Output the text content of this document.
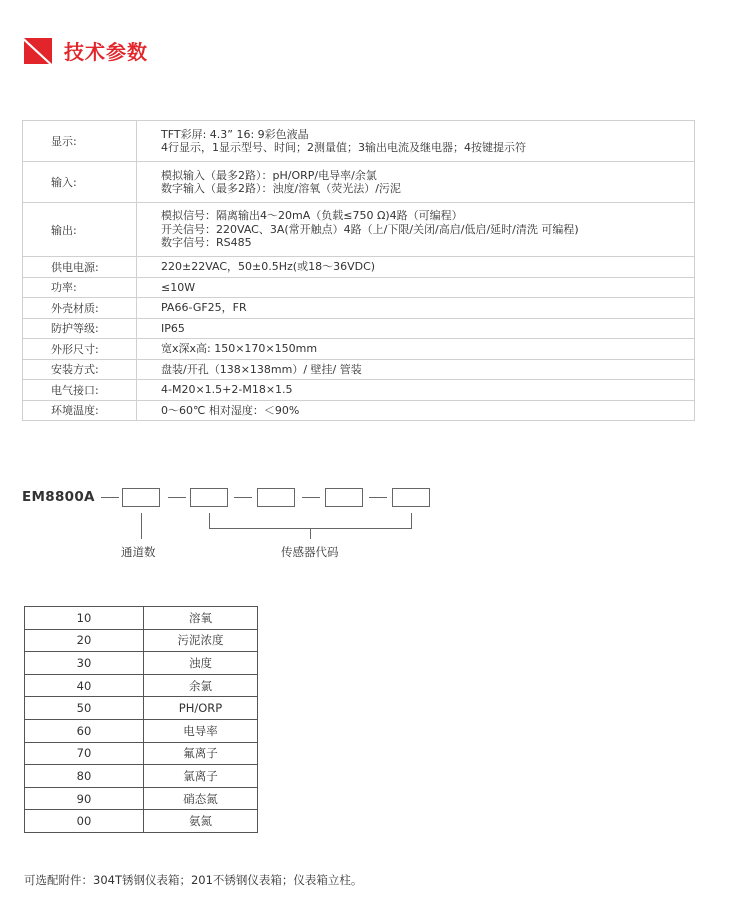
技术参数
显示:	TFT彩屏: 4.3” 16: 9彩色液晶
4行显示，1显示型号、时间；2测量值；3输出电流及继电器；4按键提示符

输入:	模拟输入（最多2路）：pH/ORP/电导率/余氯
数字输入（最多2路）：浊度/溶氧（荧光法）/污泥

输出:	模拟信号：隔离输出4～20mA（负载≤750 Ω)4路（可编程）
开关信号：220VAC、3A(常开触点）4路（上/下限/关闭/高启/低启/延时/清洗 可编程)
数字信号：RS485

供电电源:	220±22VAC，50±0.5Hz(或18～36VDC)
功率:	≤10W
外壳材质:	PA66-GF25，FR
防护等级:	IP65
外形尺寸:	宽x深x高: 150×170×150mm
安装方式:	盘装/开孔（138×138mm）/ 壁挂/ 管装
电气接口:	4-M20×1.5+2-M18×1.5
环境温度:	0～60℃ 相对湿度：＜90%
EM8800A
通道数	传感器代码
10	溶氧
20	污泥浓度
30	浊度
40	余氯
50	PH/ORP
60	电导率
70	氟离子
80	氯离子
90	硝态氮
00	氨氮
可选配附件：304T锈钢仪表箱；201不锈钢仪表箱；仪表箱立柱。
